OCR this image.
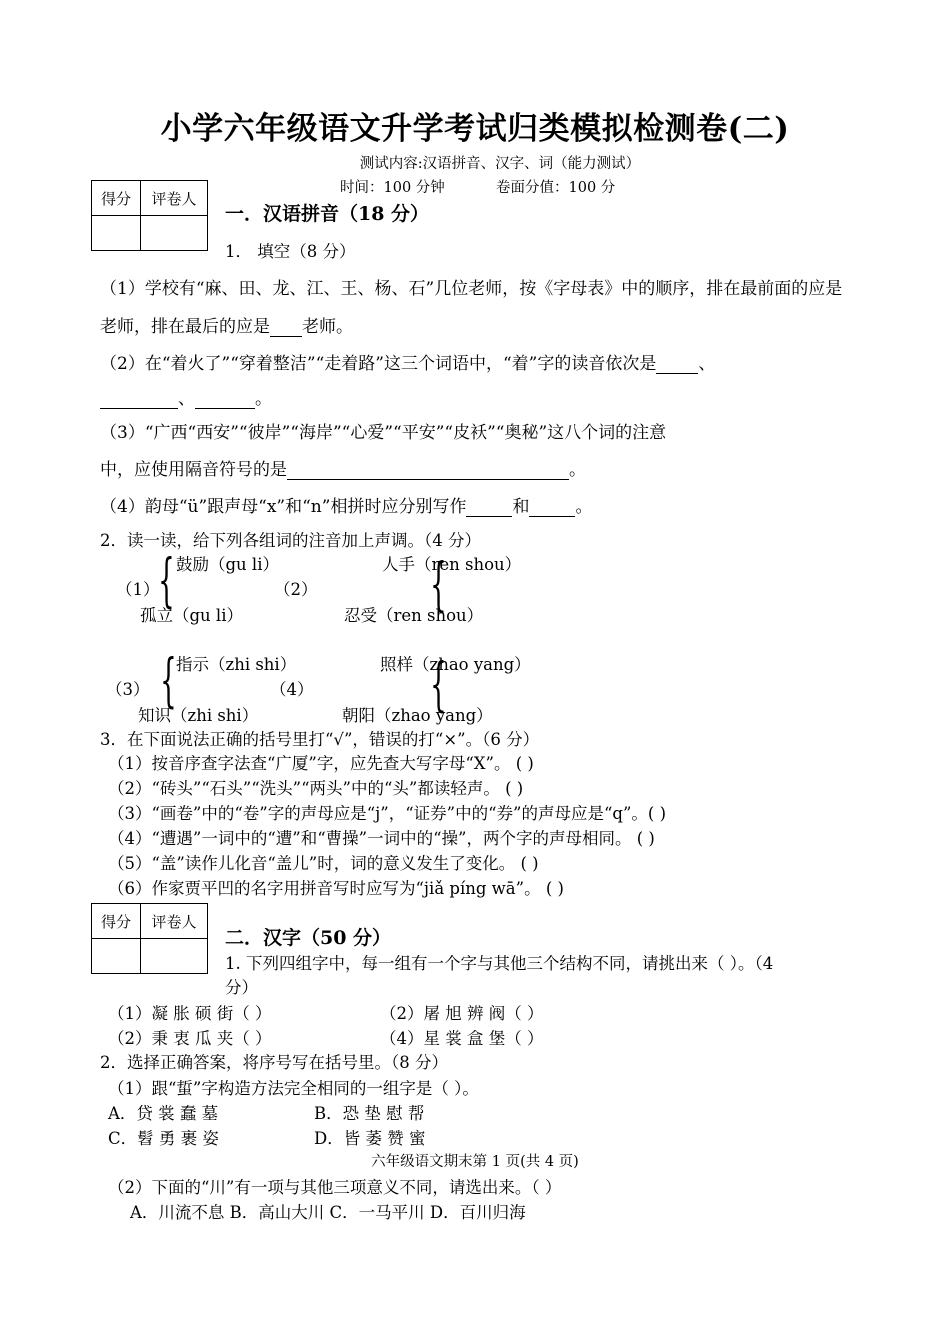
小学六年级语文升学考试归类模拟检测卷(二)
测试内容:汉语拼音、汉字、词（能力测试）
时间：100 分钟	卷面分值：100 分
得分	评卷人

一．汉语拼音（18 分）
1． 填空（8 分）
（1）学校有“麻、田、龙、江、王、杨、石”几位老师，按《字母表》中的顺序，排在最前面的应是
老师，排在最后的应是 老师。
（2）在“着火了”“穿着整洁”“走着路”这三个词语中，“着”字的读音依次是 、
、	。
（3）“广西“西安”“彼岸”“海岸”“心爱”“平安”“皮袄”“奥秘”这八个词的注意
中，应使用隔音符号的是	。
（4）韵母“ü”跟声母“x”和“n”相拼时应分别写作	和	。
2．读一读，给下列各组词的注音加上声调。（4 分）
（1）
{ 鼓励（gu li）
孤立（gu li）
（2） {
人手（ren shou）
忍受（ren shou）
（3） { 指示（zhi shi）
知识（zhi shi）
（4） {
照样（zhao yang）
朝阳（zhao yang）
3．在下面说法正确的括号里打“√”，错误的打“×”。（6 分）
（1）按音序查字法查“广厦”字，应先查大写字母“X”。 ( )
（2）“砖头”“石头”“洗头”“两头”中的“头”都读轻声。 ( )
（3）“画卷”中的“卷”字的声母应是“j”，“证券”中的“券”的声母应是“q”。( )
（4）“遭遇”一词中的“遭”和“曹操”一词中的“操”，两个字的声母相同。 ( )
（5）“盖”读作儿化音“盖儿”时，词的意义发生了变化。 ( )
（6）作家贾平凹的名字用拼音写时应写为“jiǎ píng wā”。 ( )
得分	评卷人

二．汉字（50 分）
1. 下列四组字中，每一组有一个字与其他三个结构不同，请挑出来（ ）。（4
分）
（1）凝 胀 硕 街（ ）	（2）屠 旭 辨 阀（ ）
（2）秉 衷 瓜 夹（ ）	（4）星 裳 盒 堡（ ）
2．选择正确答案，将序号写在括号里。（8 分）
（1）跟“蜇”字构造方法完全相同的一组字是（ ）。
A．贷 裳 蠢 墓	B．恐 垫 慰 帮
C．髫 勇 裹 姿	D．皆 萎 赞 蜜
六年级语文期末第 1 页(共 4 页)
（2）下面的“川”有一项与其他三项意义不同，请选出来。（ ）
A．川流不息 B．高山大川 C．一马平川 D．百川归海
